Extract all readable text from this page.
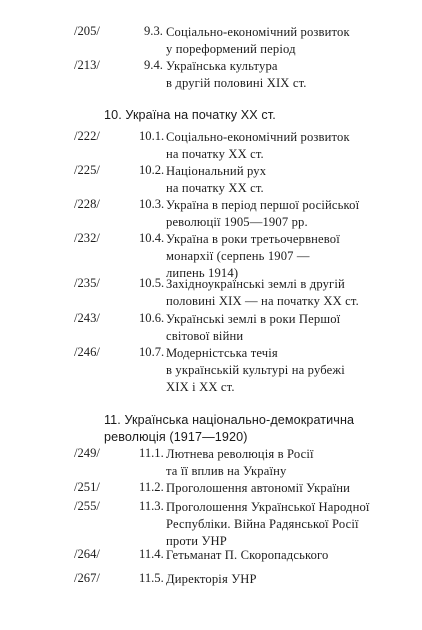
/205/	9.3. Соціально-економічний розвиток
у пореформений період
/213/	9.4. Українська культура
в другій половині XIX ст.
10. Україна на початку XX ст.
/222/	10.1. Соціально-економічний розвиток
на початку XX ст.
/225/	10.2. Національний рух
на початку XX ст.
/228/	10.3. Україна в період першої російської
революції 1905—1907 рр.
/232/	10.4. Україна в роки третьочервневої
монархії (серпень 1907 —
липень 1914)
/235/	10.5. Західноукраїнські землі в другій
половині XIX — на початку XX ст.
/243/	10.6. Українські землі в роки Першої
світової війни
/246/	10.7. Модерністська течія
в українській культурі на рубежі
XIX і XX ст.
11. Українська національно-демократична
революція (1917—1920)
/249/	11.1. Лютнева революція в Росії
та її вплив на Україну
/251/	11.2. Проголошення автономії України
/255/	11.3. Проголошення Української Народної
Республіки. Війна Радянської Росії
проти УНР
/264/	11.4. Гетьманат П. Скоропадського
/267/	11.5. Директорія УНР
